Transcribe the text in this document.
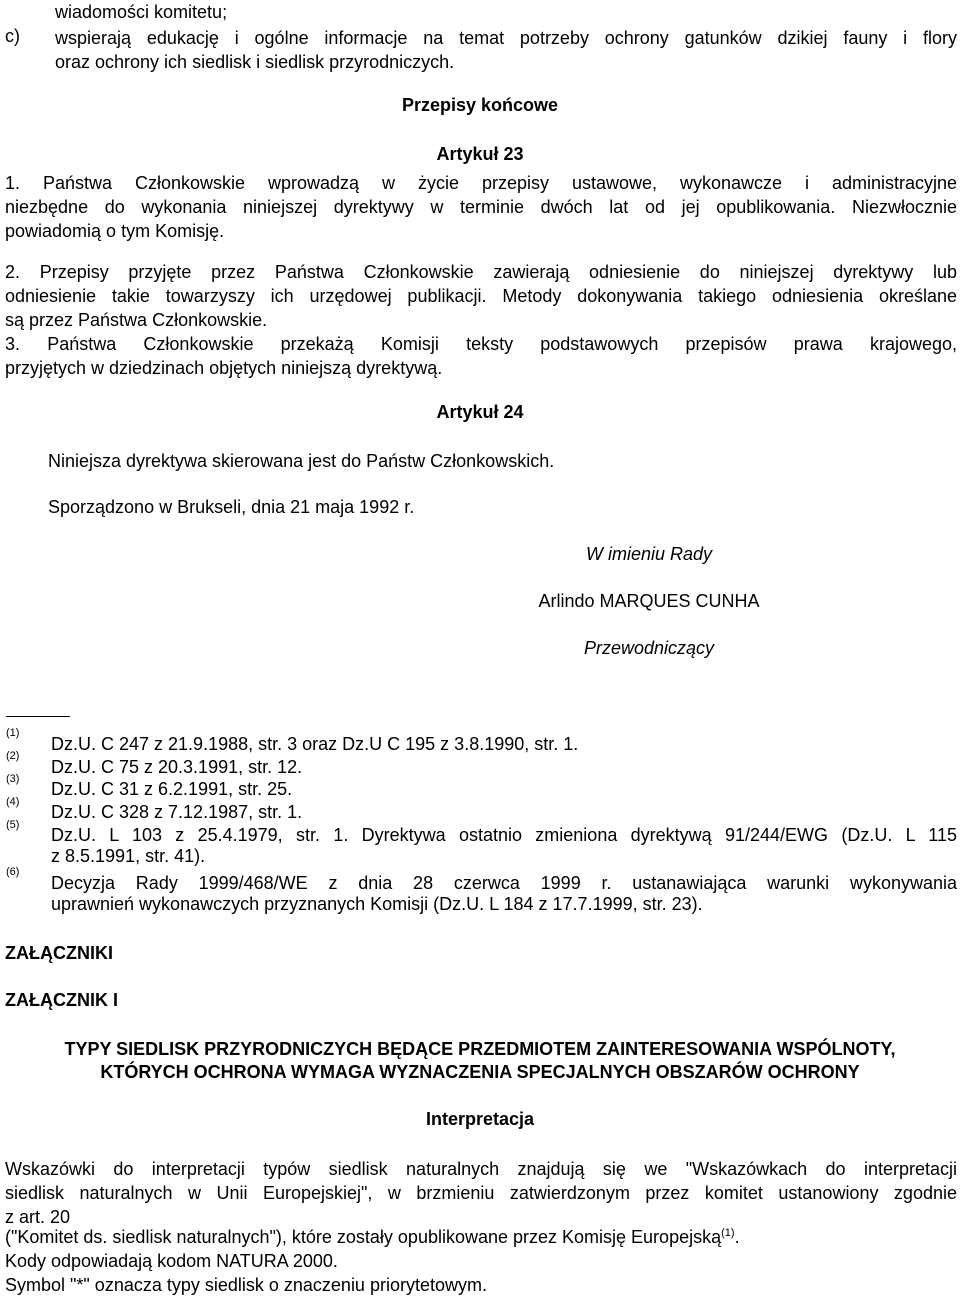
wiadomości komitetu;

c) wspierają edukację i ogólne informacje na temat potrzeby ochrony gatunków dzikiej fauny i flory
oraz ochrony ich siedlisk i siedlisk przyrodniczych.

Przepisy końcowe

Artykuł 23

1. Państwa Członkowskie wprowadzą w życie przepisy ustawowe, wykonawcze i administracyjne
niezbędne do wykonania niniejszej dyrektywy w terminie dwóch lat od jej opublikowania. Niezwłocznie
powiadomią o tym Komisję.
2. Przepisy przyjęte przez Państwa Członkowskie zawierają odniesienie do niniejszej dyrektywy lub
odniesienie takie towarzyszy ich urzędowej publikacji. Metody dokonywania takiego odniesienia określane
są przez Państwa Członkowskie.
3. Państwa Członkowskie przekażą Komisji teksty podstawowych przepisów prawa krajowego,
przyjętych w dziedzinach objętych niniejszą dyrektywą.

Artykuł 24

Niniejsza dyrektywa skierowana jest do Państw Członkowskich.

Sporządzono w Brukseli, dnia 21 maja 1992 r.

W imieniu Rady

Arlindo MARQUES CUNHA

Przewodniczący

(1)
Dz.U. C 247 z 21.9.1988, str. 3 oraz Dz.U C 195 z 3.8.1990, str. 1.
(2)
Dz.U. C 75 z 20.3.1991, str. 12.
(3) Dz.U. C 31 z 6.2.1991, str. 25.
(4) Dz.U. C 328 z 7.12.1987, str. 1.
(5) Dz.U. L 103 z 25.4.1979, str. 1. Dyrektywa ostatnio zmieniona dyrektywą 91/244/EWG (Dz.U. L 115
z 8.5.1991, str. 41).
(6)
Decyzja Rady 1999/468/WE z dnia 28 czerwca 1999 r. ustanawiająca warunki wykonywania
uprawnień wykonawczych przyznanych Komisji (Dz.U. L 184 z 17.7.1999, str. 23).

ZAŁĄCZNIKI

ZAŁĄCZNIK I

TYPY SIEDLISK PRZYRODNICZYCH BĘDĄCE PRZEDMIOTEM ZAINTERESOWANIA WSPÓLNOTY,

KTÓRYCH OCHRONA WYMAGA WYZNACZENIA SPECJALNYCH OBSZARÓW OCHRONY

Interpretacja

Wskazówki do interpretacji typów siedlisk naturalnych znajdują się we "Wskazówkach do interpretacji
siedlisk naturalnych w Unii Europejskiej", w brzmieniu zatwierdzonym przez komitet ustanowiony zgodnie
z art. 20

("Komitet ds. siedlisk naturalnych"), które zostały opublikowane przez Komisję Europejską$^{(1)}$.

Kody odpowiadają kodom NATURA 2000.

Symbol "*" oznacza typy siedlisk o znaczeniu priorytetowym.
